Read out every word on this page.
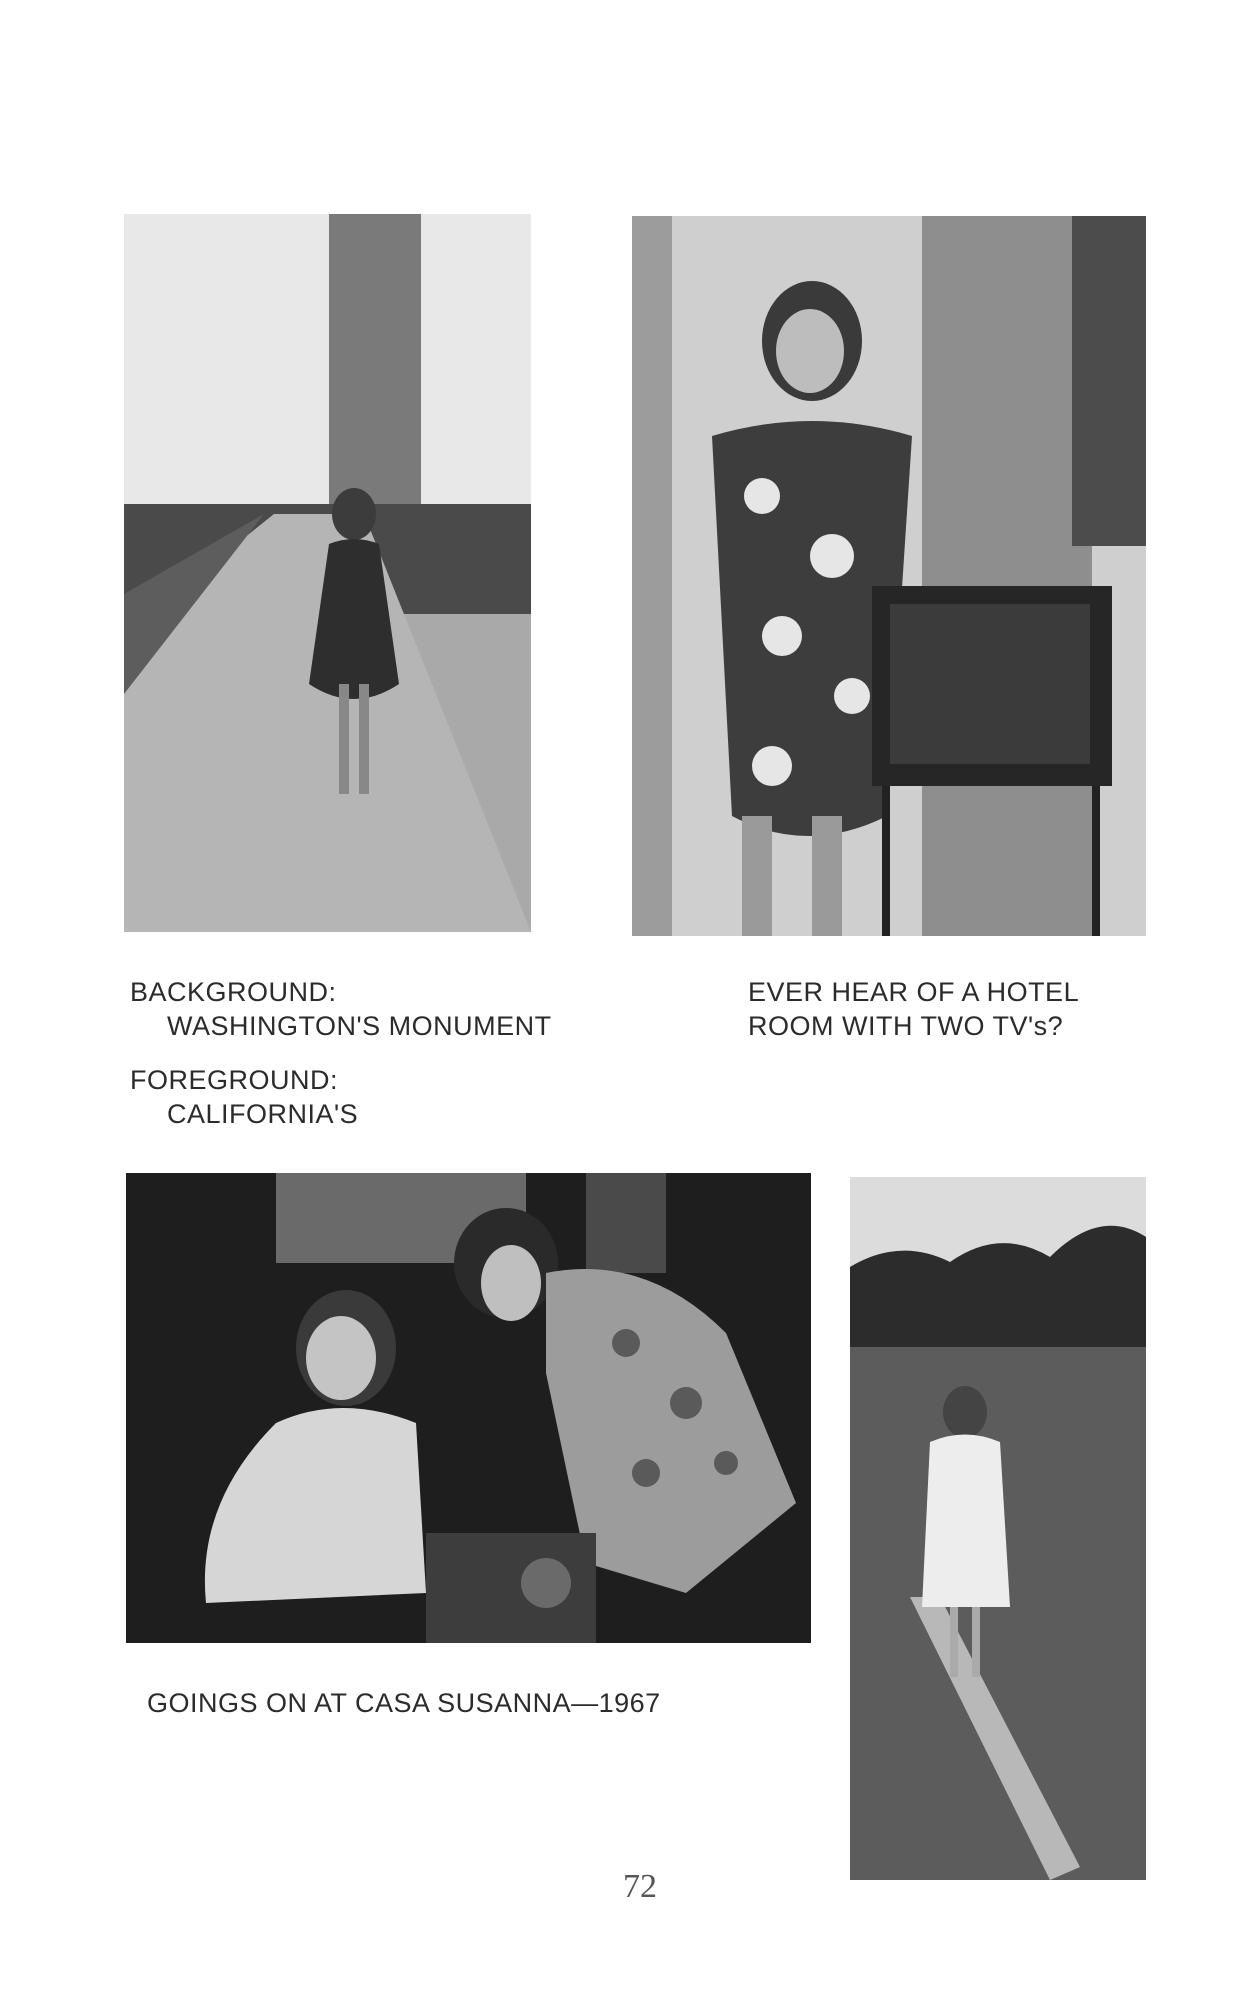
BACKGROUND:
WASHINGTON'S MONUMENT
FOREGROUND:
CALIFORNIA'S
EVER HEAR OF A HOTEL
ROOM WITH TWO TV's?
GOINGS ON AT CASA SUSANNA—1967
72
